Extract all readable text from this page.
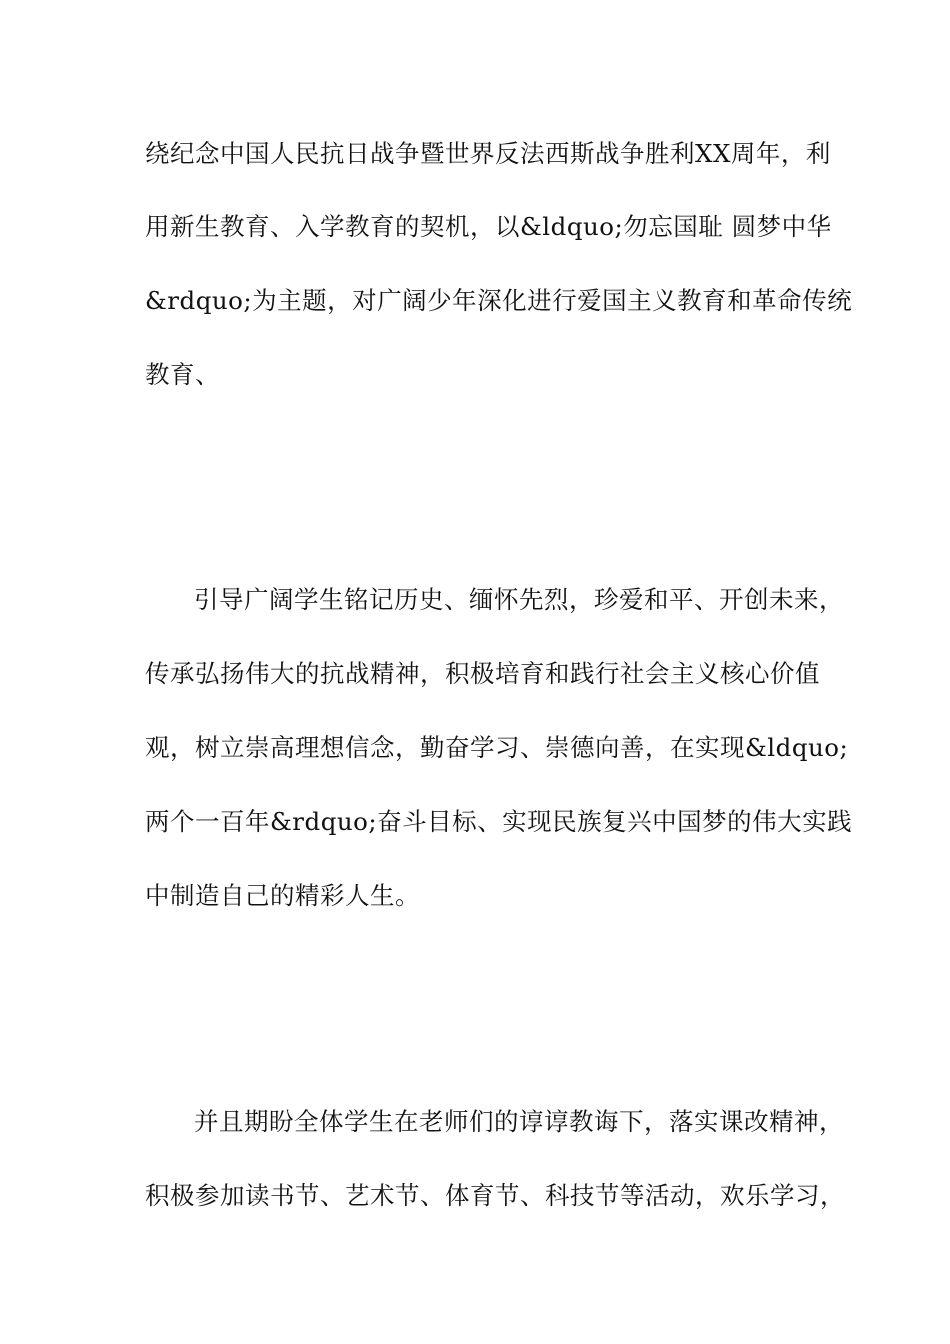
绕纪念中国人民抗日战争暨世界反法西斯战争胜利XX周年，利
用新生教育、入学教育的契机，以&ldquo;勿忘国耻 圆梦中华
&rdquo;为主题，对广阔少年深化进行爱国主义教育和革命传统
教育、
引导广阔学生铭记历史、缅怀先烈，珍爱和平、开创未来，
传承弘扬伟大的抗战精神，积极培育和践行社会主义核心价值
观，树立崇高理想信念，勤奋学习、崇德向善，在实现&ldquo;
两个一百年&rdquo;奋斗目标、实现民族复兴中国梦的伟大实践
中制造自己的精彩人生。
并且期盼全体学生在老师们的谆谆教诲下，落实课改精神，
积极参加读书节、艺术节、体育节、科技节等活动，欢乐学习，
